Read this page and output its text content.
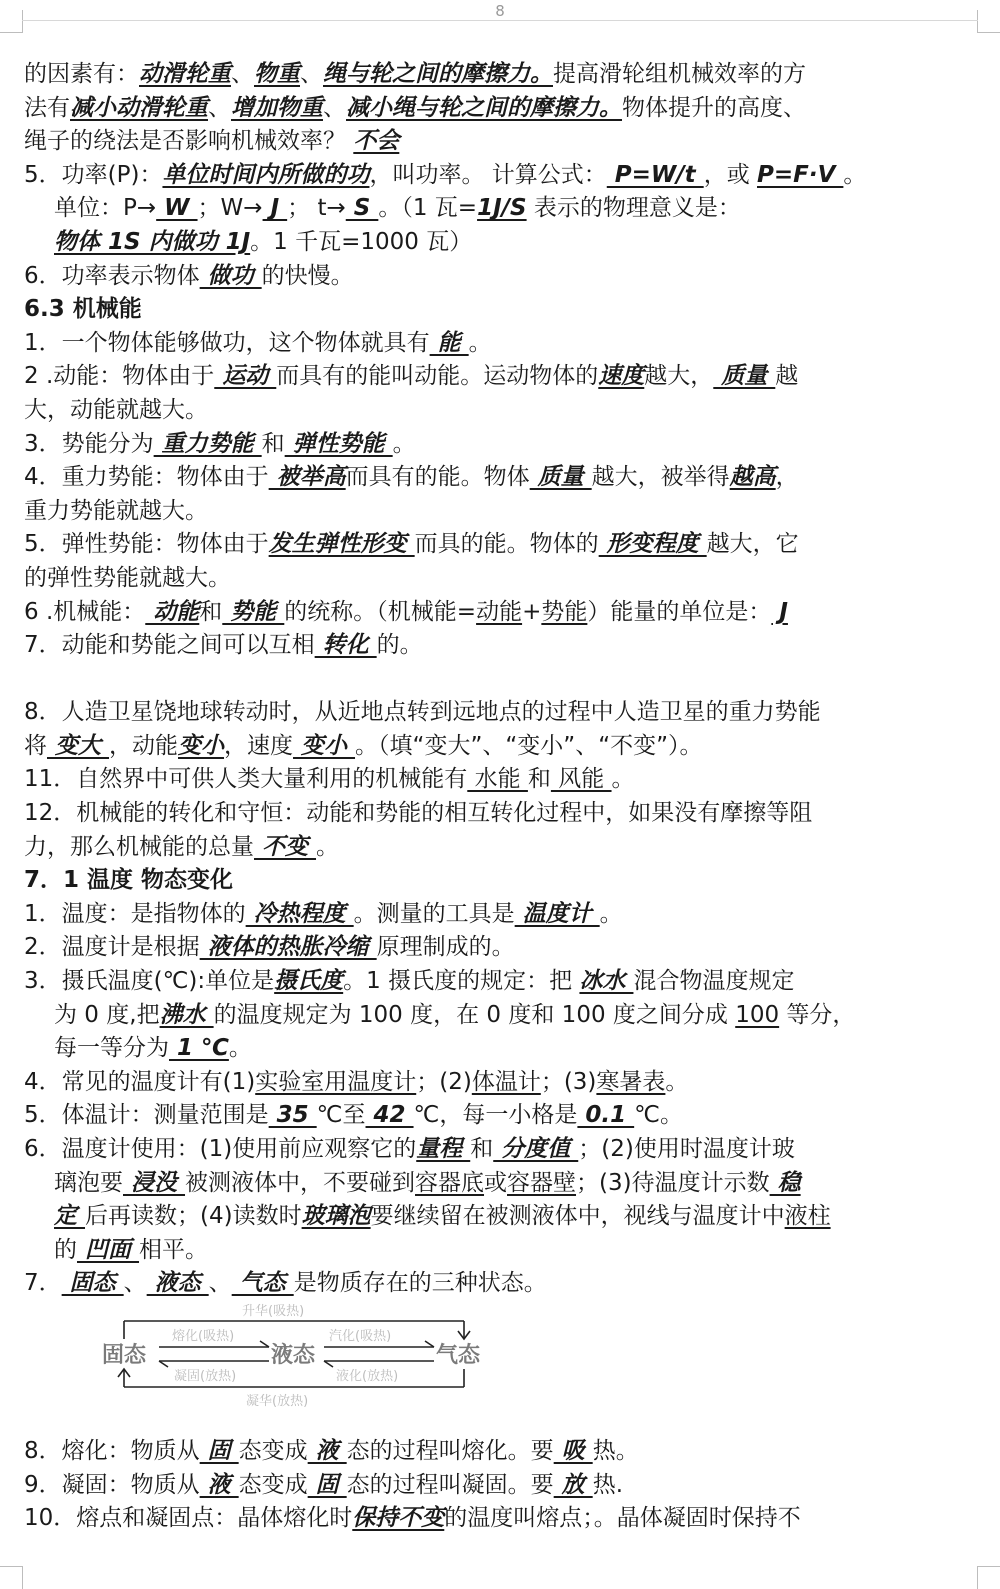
8
的因素有：动滑轮重、物重、绳与轮之间的摩擦力。提高滑轮组机械效率的方
法有减小动滑轮重、增加物重、减小绳与轮之间的摩擦力。物体提升的高度、
绳子的绕法是否影响机械效率？ 不会
5．功率(P)：单位时间内所做的功，叫功率。 计算公式： P=W/t ，或 P=F·V 。
单位：P→ W ；W→ J ； t→ S 。（1 瓦=1J/S 表示的物理意义是：
物体 1S 内做功 1J。1 千瓦=1000 瓦）
6．功率表示物体 做功 的快慢。
6.3 机械能
1．一个物体能够做功，这个物体就具有 能 。
2 .动能：物体由于 运动 而具有的能叫动能。运动物体的速度越大， 质量 越
大，动能就越大。
3．势能分为 重力势能 和 弹性势能 。
4．重力势能：物体由于 被举高而具有的能。物体 质量 越大，被举得越高，
重力势能就越大。
5．弹性势能：物体由于发生弹性形变 而具的能。物体的 形变程度 越大，它
的弹性势能就越大。
6 .机械能： 动能和 势能 的统称。（机械能=动能+势能）能量的单位是： J
7．动能和势能之间可以互相 转化 的。
8．人造卫星饶地球转动时，从近地点转到远地点的过程中人造卫星的重力势能
将 变大 ，动能变小，速度 变小 。（填“变大”、“变小”、“不变”）。
11．自然界中可供人类大量利用的机械能有 水能 和 风能 。
12．机械能的转化和守恒：动能和势能的相互转化过程中，如果没有摩擦等阻
力，那么机械能的总量 不变 。
7．1 温度 物态变化
1．温度：是指物体的 冷热程度 。测量的工具是 温度计 。
2．温度计是根据 液体的热胀冷缩 原理制成的。
3．摄氏温度(℃):单位是摄氏度。1 摄氏度的规定：把 冰水 混合物温度规定
为 0 度,把沸水 的温度规定为 100 度，在 0 度和 100 度之间分成 100 等分，
每一等分为 1 ℃。
4．常见的温度计有(1)实验室用温度计；(2)体温计；(3)寒暑表。
5．体温计：测量范围是 35 ℃至 42 ℃，每一小格是 0.1 ℃。
6．温度计使用：(1)使用前应观察它的量程 和 分度值 ；(2)使用时温度计玻
璃泡要 浸没 被测液体中，不要碰到容器底或容器壁；(3)待温度计示数 稳
定 后再读数；(4)读数时玻璃泡要继续留在被测液体中，视线与温度计中液柱
的 凹面 相平。
7． 固态 、 液态 、 气态 是物质存在的三种状态。
固态	液态	气态
熔化(吸热)
凝固(放热)
汽化(吸热)
液化(放热)
升华(吸热)
凝华(放热)
8．熔化：物质从 固 态变成 液 态的过程叫熔化。要 吸 热。
9．凝固：物质从 液 态变成 固 态的过程叫凝固。要 放 热.
10．熔点和凝固点：晶体熔化时保持不变的温度叫熔点；。晶体凝固时保持不
